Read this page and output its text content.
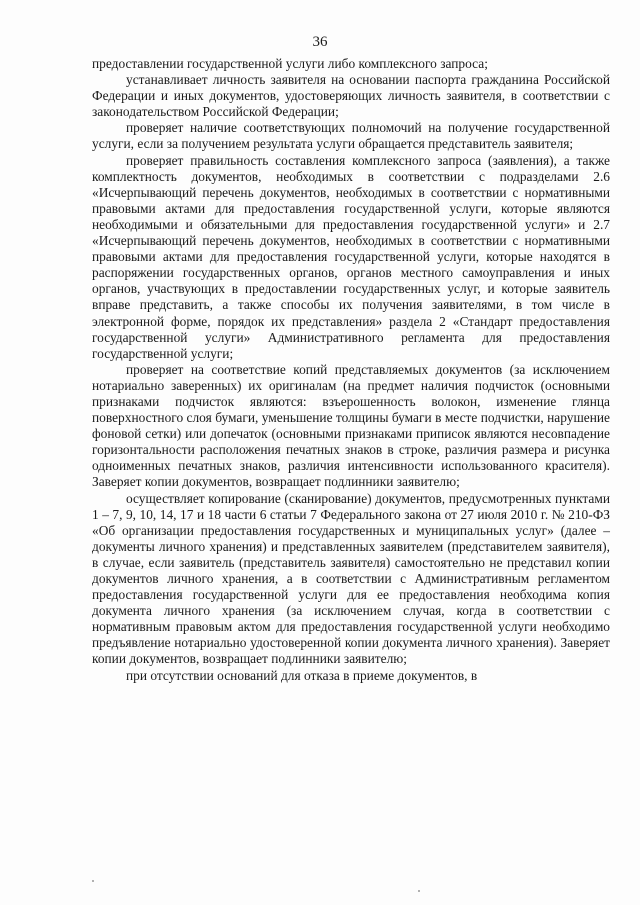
36

предоставлении государственной услуги либо комплексного запроса;

устанавливает личность заявителя на основании паспорта гражданина Российской Федерации и иных документов, удостоверяющих личность заявителя, в соответствии с законодательством Российской Федерации;

проверяет наличие соответствующих полномочий на получение государственной услуги, если за получением результата услуги обращается представитель заявителя;

проверяет правильность составления комплексного запроса (заявления), а также комплектность документов, необходимых в соответствии с подразделами 2.6 «Исчерпывающий перечень документов, необходимых в соответствии с нормативными правовыми актами для предоставления государственной услуги, которые являются необходимыми и обязательными для предоставления государственной услуги» и 2.7 «Исчерпывающий перечень документов, необходимых в соответствии с нормативными правовыми актами для предоставления государственной услуги, которые находятся в распоряжении государственных органов, органов местного самоуправления и иных органов, участвующих в предоставлении государственных услуг, и которые заявитель вправе представить, а также способы их получения заявителями, в том числе в электронной форме, порядок их представления» раздела 2 «Стандарт предоставления государственной услуги» Административного регламента для предоставления государственной услуги;

проверяет на соответствие копий представляемых документов (за исключением нотариально заверенных) их оригиналам (на предмет наличия подчисток (основными признаками подчисток являются: взъерошенность волокон, изменение глянца поверхностного слоя бумаги, уменьшение толщины бумаги в месте подчистки, нарушение фоновой сетки) или допечаток (основными признаками приписок являются несовпадение горизонтальности расположения печатных знаков в строке, различия размера и рисунка одноименных печатных знаков, различия интенсивности использованного красителя). Заверяет копии документов, возвращает подлинники заявителю;

осуществляет копирование (сканирование) документов, предусмотренных пунктами 1 – 7, 9, 10, 14, 17 и 18 части 6 статьи 7 Федерального закона от 27 июля 2010 г. № 210-ФЗ «Об организации предоставления государственных и муниципальных услуг» (далее – документы личного хранения) и представленных заявителем (представителем заявителя), в случае, если заявитель (представитель заявителя) самостоятельно не представил копии документов личного хранения, а в соответствии с Административным регламентом предоставления государственной услуги для ее предоставления необходима копия документа личного хранения (за исключением случая, когда в соответствии с нормативным правовым актом для предоставления государственной услуги необходимо предъявление нотариально удостоверенной копии документа личного хранения). Заверяет копии документов, возвращает подлинники заявителю;

при отсутствии оснований для отказа в приеме документов, в
